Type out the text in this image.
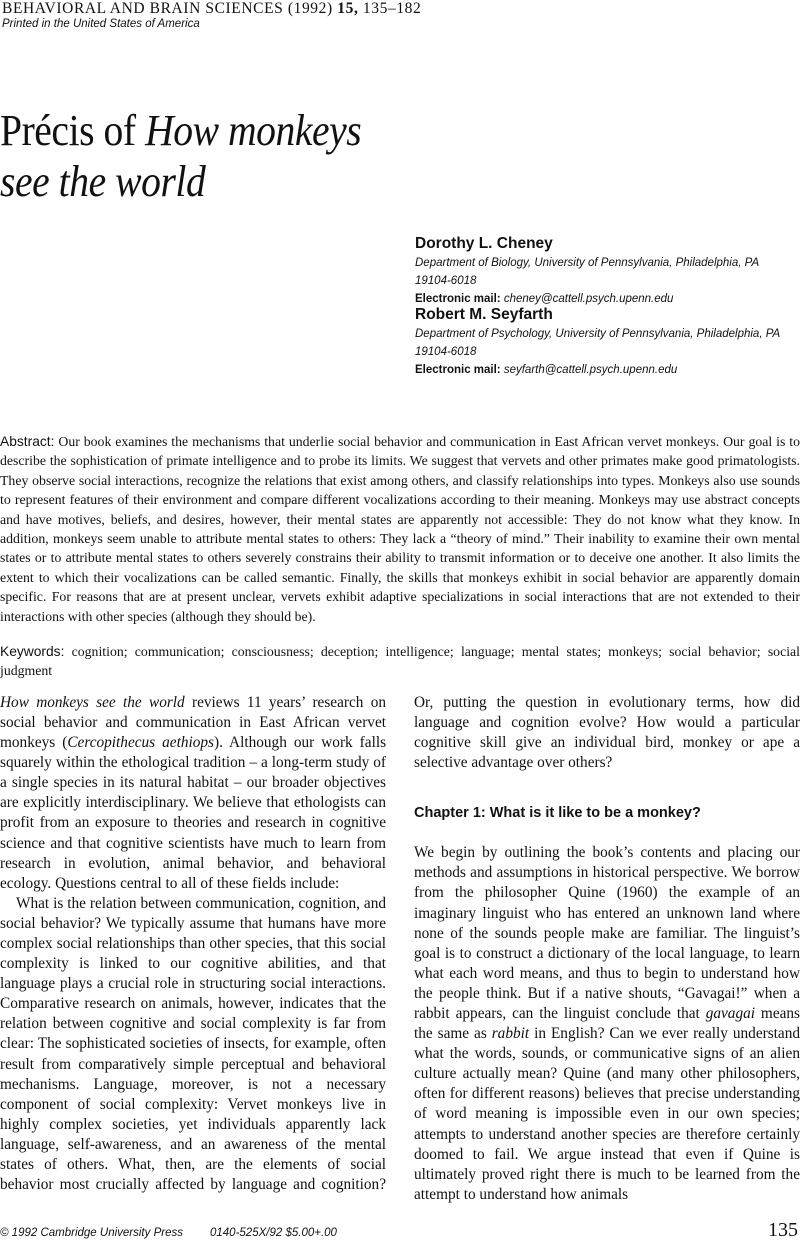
BEHAVIORAL AND BRAIN SCIENCES (1992) 15, 135–182
Printed in the United States of America
Précis of How monkeys
see the world
Dorothy L. Cheney
Department of Biology, University of Pennsylvania, Philadelphia, PA
19104-6018
Electronic mail: cheney@cattell.psych.upenn.edu
Robert M. Seyfarth
Department of Psychology, University of Pennsylvania, Philadelphia, PA
19104-6018
Electronic mail: seyfarth@cattell.psych.upenn.edu
Abstract: Our book examines the mechanisms that underlie social behavior and communication in East African vervet monkeys. Our goal is to describe the sophistication of primate intelligence and to probe its limits. We suggest that vervets and other primates make good primatologists. They observe social interactions, recognize the relations that exist among others, and classify relationships into types. Monkeys also use sounds to represent features of their environment and compare different vocalizations according to their meaning. Monkeys may use abstract concepts and have motives, beliefs, and desires, however, their mental states are apparently not accessible: They do not know what they know. In addition, monkeys seem unable to attribute mental states to others: They lack a “theory of mind.” Their inability to examine their own mental states or to attribute mental states to others severely constrains their ability to transmit information or to deceive one another. It also limits the extent to which their vocalizations can be called semantic. Finally, the skills that monkeys exhibit in social behavior are apparently domain specific. For reasons that are at present unclear, vervets exhibit adaptive specializations in social interactions that are not extended to their interactions with other species (although they should be).
Keywords: cognition; communication; consciousness; deception; intelligence; language; mental states; monkeys; social behavior; social judgment

How monkeys see the world reviews 11 years’ research on social behavior and communication in East African vervet monkeys (Cercopithecus aethiops). Although our work falls squarely within the ethological tradition – a long-term study of a single species in its natural habitat – our broader objectives are explicitly interdisciplinary. We believe that ethologists can profit from an exposure to theories and research in cognitive science and that cognitive scientists have much to learn from research in evolution, animal behavior, and behavioral ecology. Questions central to all of these fields include:

What is the relation between communication, cognition, and social behavior? We typically assume that humans have more complex social relationships than other species, that this social complexity is linked to our cognitive abilities, and that language plays a crucial role in structuring social interactions. Comparative research on animals, however, indicates that the relation between cognitive and social complexity is far from clear: The sophisticated societies of insects, for example, often result from comparatively simple perceptual and behavioral mechanisms. Language, moreover, is not a necessary component of social complexity: Vervet monkeys live in highly complex societies, yet individuals apparently lack language, self-awareness, and an awareness of the mental states of others. What, then, are the elements of social behavior most crucially affected by language and cognition? Or, putting the question in evolutionary terms, how did language and cognition evolve? How would a particular cognitive skill give an individual bird, monkey or ape a selective advantage over others?

Chapter 1: What is it like to be a monkey?

We begin by outlining the book’s contents and placing our methods and assumptions in historical perspective. We borrow from the philosopher Quine (1960) the example of an imaginary linguist who has entered an unknown land where none of the sounds people make are familiar. The linguist’s goal is to construct a dictionary of the local language, to learn what each word means, and thus to begin to understand how the people think. But if a native shouts, “Gavagai!” when a rabbit appears, can the linguist conclude that gavagai means the same as rabbit in English? Can we ever really understand what the words, sounds, or communicative signs of an alien culture actually mean? Quine (and many other philosophers, often for different reasons) believes that precise understanding of word meaning is impossible even in our own species; attempts to understand another species are therefore certainly doomed to fail. We argue instead that even if Quine is ultimately proved right there is much to be learned from the attempt to understand how animals

© 1992 Cambridge University Press	0140-525X/92 $5.00+.00	135
